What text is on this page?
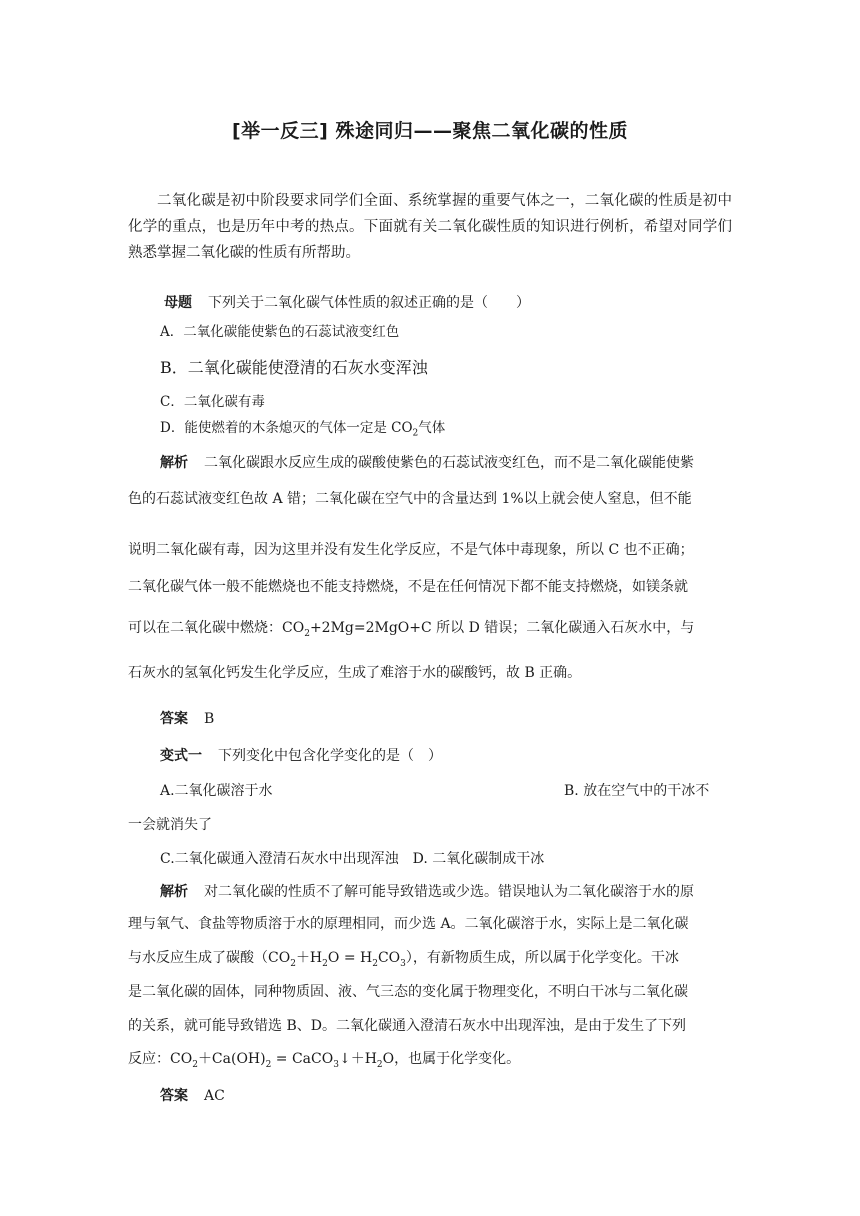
[举一反三] 殊途同归——聚焦二氧化碳的性质

二氧化碳是初中阶段要求同学们全面、系统掌握的重要气体之一，二氧化碳的性质是初中化学的重点，也是历年中考的热点。下面就有关二氧化碳性质的知识进行例析，希望对同学们熟悉掌握二氧化碳的性质有所帮助。

母题 下列关于二氧化碳气体性质的叙述正确的是（　　）
A．二氧化碳能使紫色的石蕊试液变红色
B．二氧化碳能使澄清的石灰水变浑浊
C．二氧化碳有毒
D．能使燃着的木条熄灭的气体一定是 $CO_2$气体
解析 二氧化碳跟水反应生成的碳酸使紫色的石蕊试液变红色，而不是二氧化碳能使紫
色的石蕊试液变红色故 A 错；二氧化碳在空气中的含量达到 1%以上就会使人窒息，但不能
说明二氧化碳有毒，因为这里并没有发生化学反应，不是气体中毒现象，所以 C 也不正确；
二氧化碳气体一般不能燃烧也不能支持燃烧，不是在任何情况下都不能支持燃烧，如镁条就
可以在二氧化碳中燃烧：$CO_2+2Mg=2MgO+C$ 所以 D 错误；二氧化碳通入石灰水中，与
石灰水的氢氧化钙发生化学反应，生成了难溶于水的碳酸钙，故 B 正确。
答案 B
变式一 下列变化中包含化学变化的是（　）
A.二氧化碳溶于水	B. 放在空气中的干冰不
一会就消失了
C.二氧化碳通入澄清石灰水中出现浑浊　D. 二氧化碳制成干冰
解析 对二氧化碳的性质不了解可能导致错选或少选。错误地认为二氧化碳溶于水的原
理与氧气、食盐等物质溶于水的原理相同，而少选 A。二氧化碳溶于水，实际上是二氧化碳
与水反应生成了碳酸$(CO_2+H_2O = H_2CO_3)$，有新物质生成，所以属于化学变化。干冰
是二氧化碳的固体，同种物质固、液、气三态的变化属于物理变化，不明白干冰与二氧化碳
的关系，就可能导致错选 B、D。二氧化碳通入澄清石灰水中出现浑浊，是由于发生了下列
反应：$CO_2+Ca(OH)_2$ = $CaCO_3↓+H_2O$，也属于化学变化。
答案 AC
